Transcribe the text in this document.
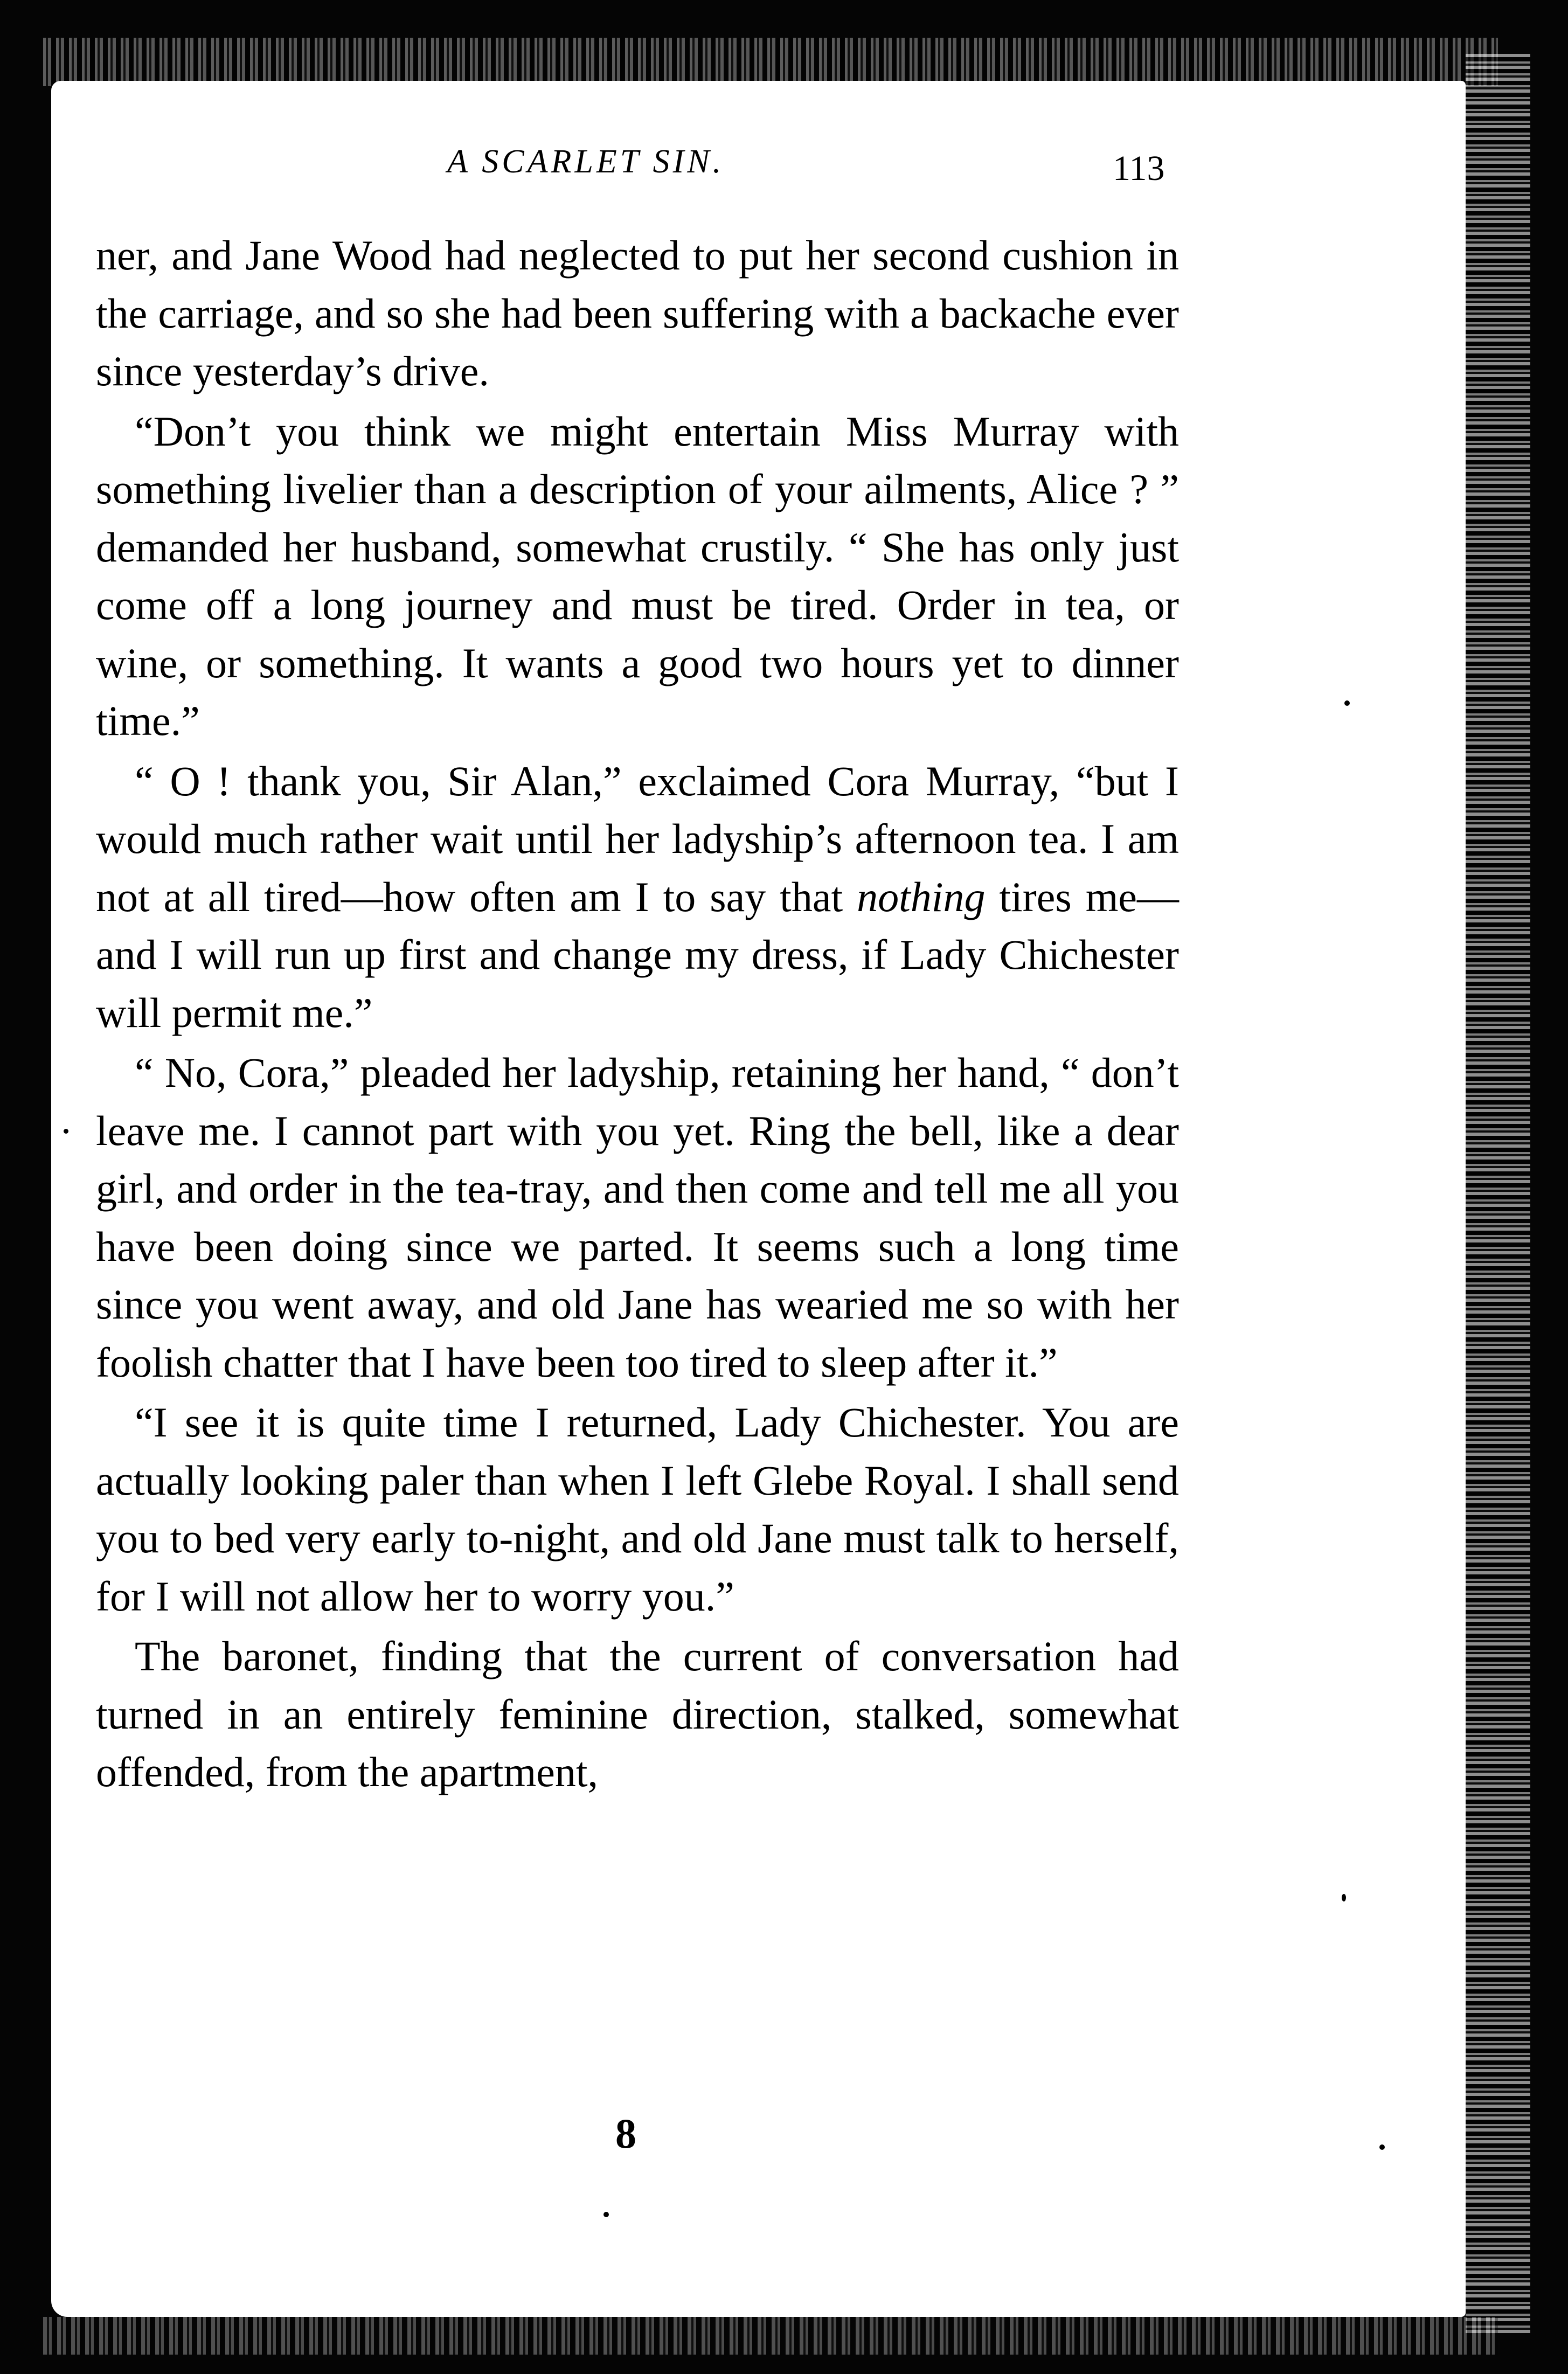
A SCARLET SIN.	113

ner, and Jane Wood had neglected to put her second cushion in the carriage, and so she had been suffering with a backache ever since yesterday’s drive.

“Don’t you think we might entertain Miss Murray with something livelier than a description of your ailments, Alice ? ” demanded her husband, somewhat crustily. “ She has only just come off a long journey and must be tired. Order in tea, or wine, or something. It wants a good two hours yet to dinner time.”

“ O ! thank you, Sir Alan,” exclaimed Cora Murray, “but I would much rather wait until her ladyship’s afternoon tea. I am not at all tired—how often am I to say that nothing tires me—and I will run up first and change my dress, if Lady Chichester will permit me.”

“ No, Cora,” pleaded her ladyship, retaining her hand, “ don’t leave me. I cannot part with you yet. Ring the bell, like a dear girl, and order in the tea-tray, and then come and tell me all you have been doing since we parted. It seems such a long time since you went away, and old Jane has wearied me so with her foolish chatter that I have been too tired to sleep after it.”

“I see it is quite time I returned, Lady Chichester. You are actually looking paler than when I left Glebe Royal. I shall send you to bed very early to-night, and old Jane must talk to herself, for I will not allow her to worry you.”

The baronet, finding that the current of conversation had turned in an entirely feminine direction, stalked, somewhat offended, from the apartment,

8
